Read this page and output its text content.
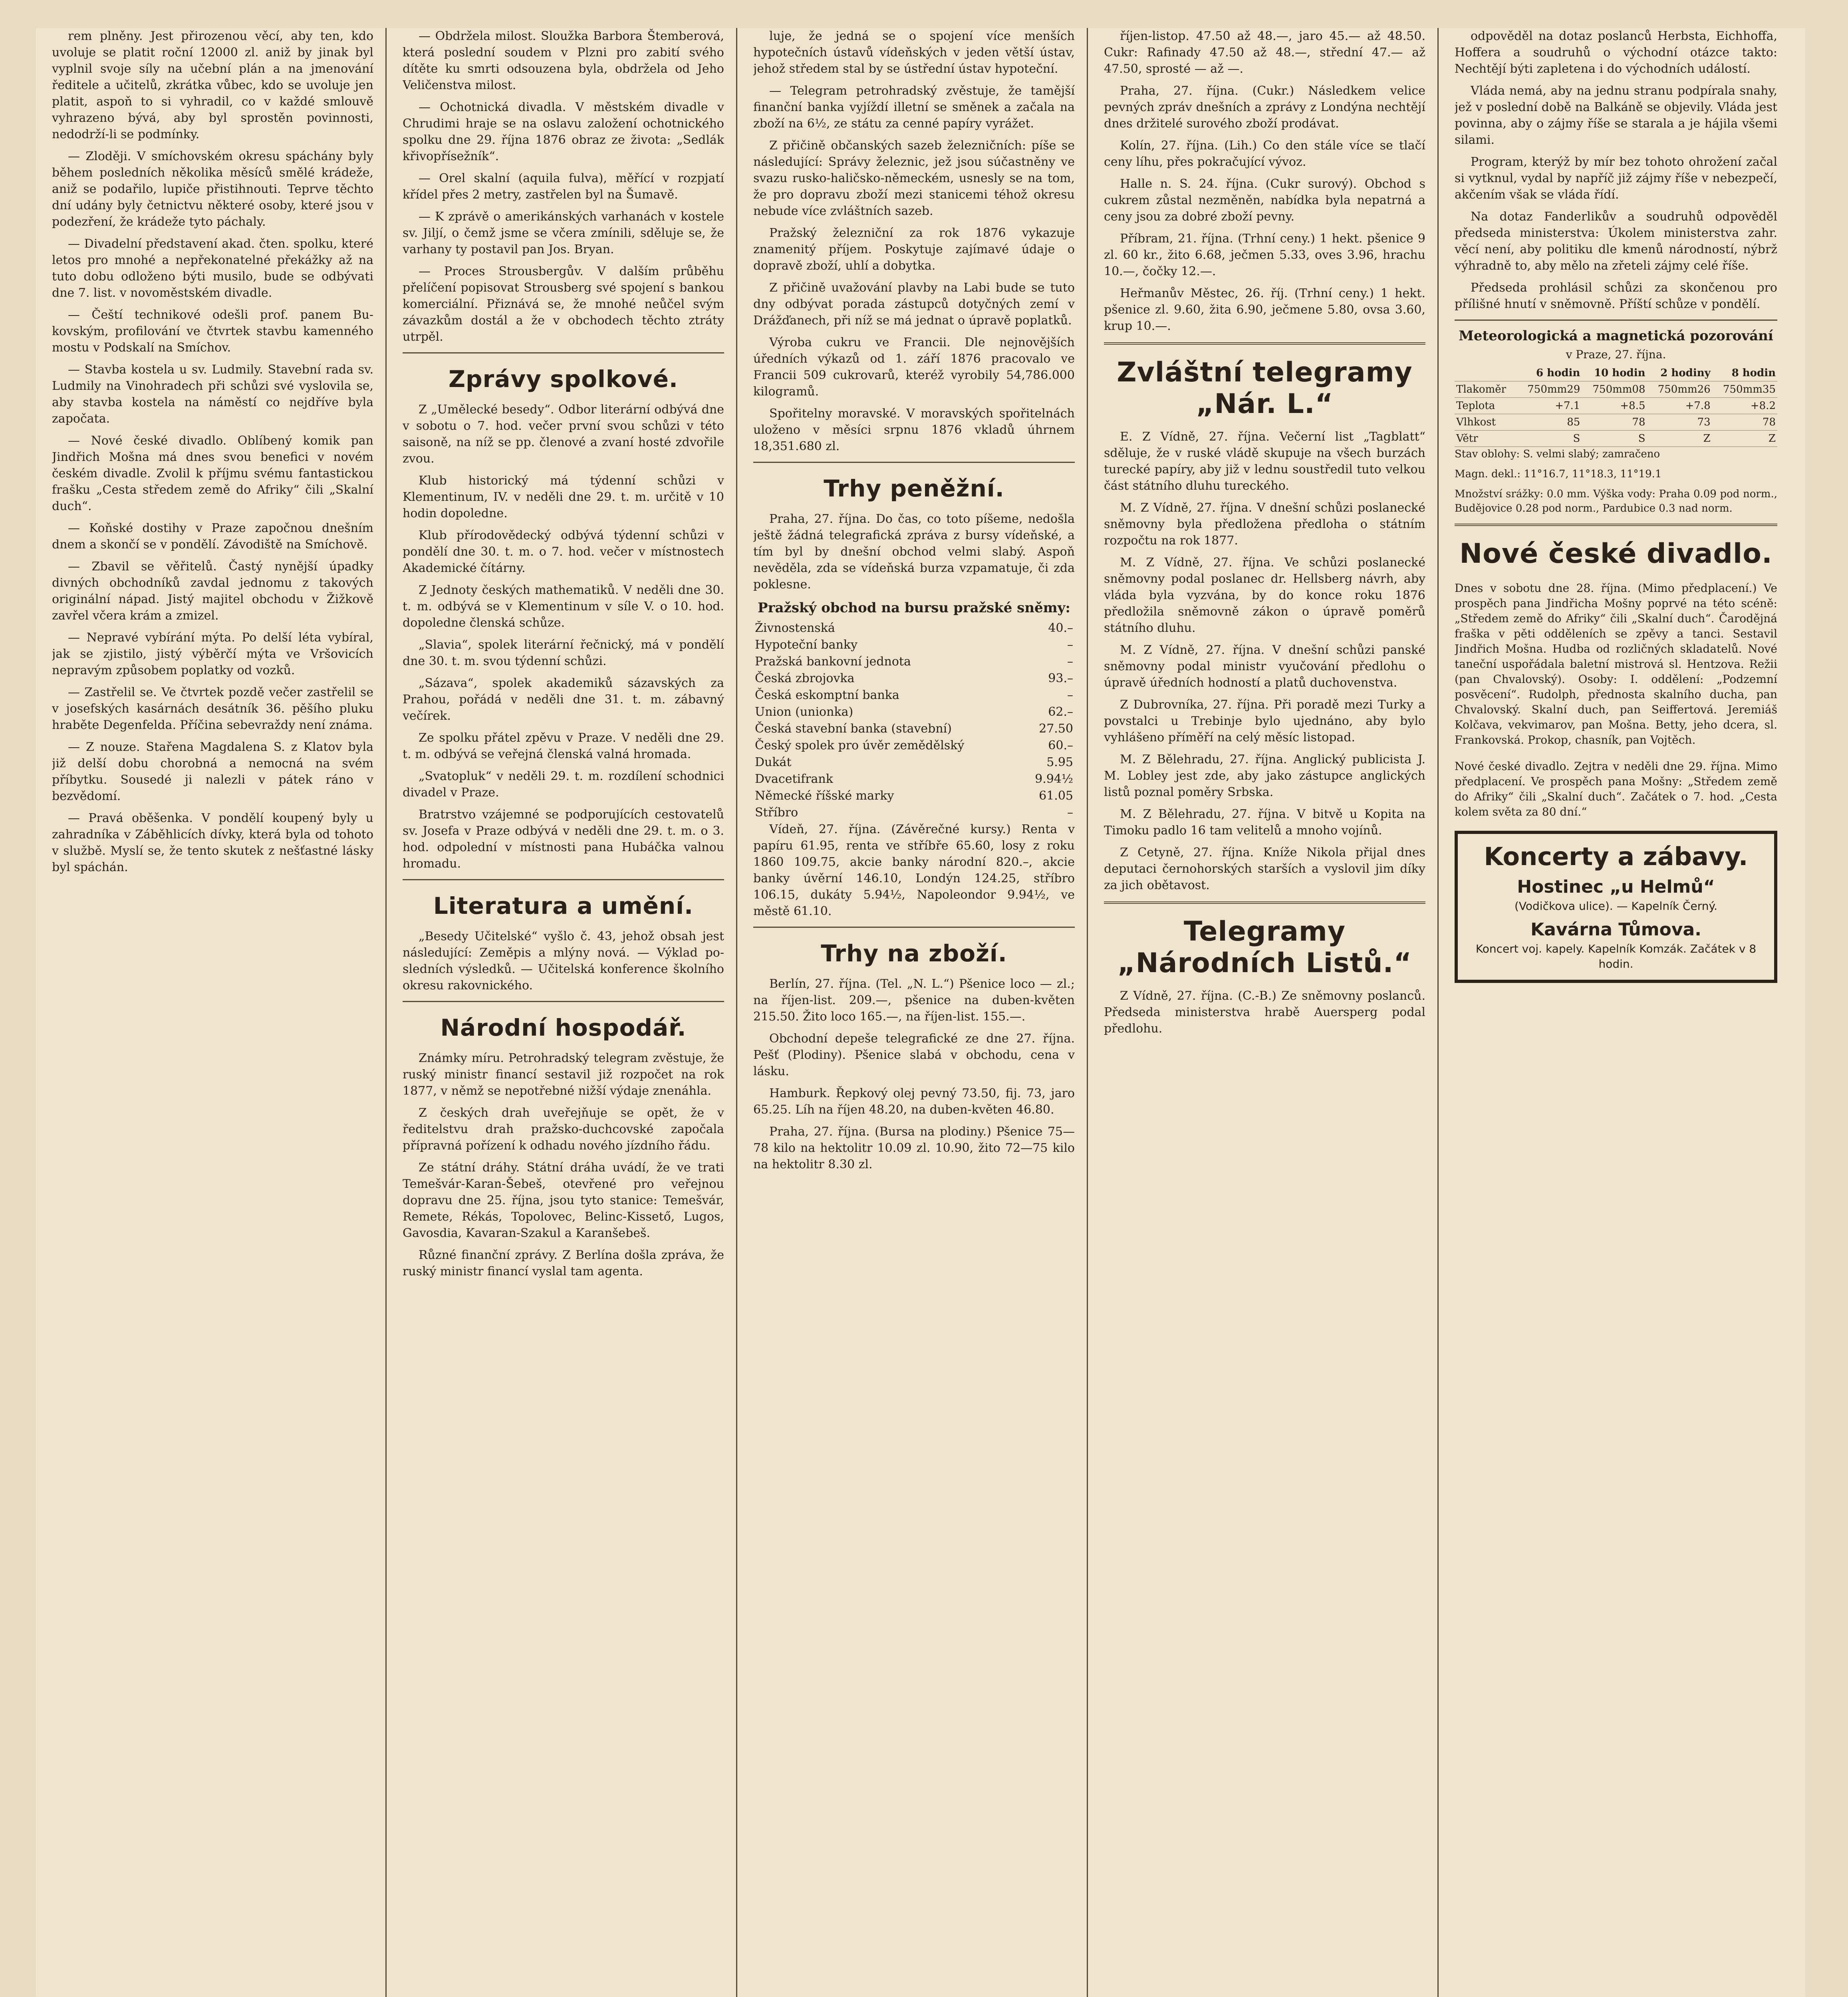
rem plněny. Jest přirozenou věcí, aby ten, kdo uvoluje se platit roční 12000 zl. aniž by jinak byl vyplnil svoje síly na učební plán a na jmenování ředitele a učitelů, zkrátka vůbec, kdo se uvoluje jen platit, aspoň to si vyhradil, co v každé smlouvě vyhrazeno bývá, aby byl sprostěn povinnosti, nedodrží-li se podmínky.

— Zloději. V smíchovském okresu spáchány byly během posledních několika měsíců smělé krádeže, aniž se podařilo, lupiče přistihnouti. Teprve těchto dní udány byly četnictvu některé osoby, které jsou v podezření, že krádeže tyto páchaly.

— Divadelní představení akad. čten. spolku, které letos pro mnohé a nepřekonatelné překážky až na tuto dobu odloženo býti musilo, bude se odbývati dne 7. list. v novoměstském divadle.

— Čeští technikové odešli prof. panem Bukovským, profilování ve čtvrtek stavbu kamenného mostu v Podskalí na Smíchov.

— Stavba kostela u sv. Ludmily. Stavební rada sv. Ludmily na Vinohradech při schůzi své vyslovila se, aby stavba kostela na náměstí co nejdříve byla započata.

— Nové české divadlo. Oblíbený komik pan Jindřich Mošna má dnes svou benefici v novém českém divadle. Zvolil k příjmu svému fantastickou frašku „Cesta středem země do Afriky“ čili „Skalní duch“.

— Koňské dostihy v Praze započnou dnešním dnem a skončí se v pondělí. Závodiště na Smíchově.

— Zbavil se věřitelů. Častý nynější úpadky divných obchodníků zavdal jednomu z takových originální nápad. Jistý majitel obchodu v Žižkově zavřel včera krám a zmizel.

— Nepravé vybírání mýta. Po delší léta vybíral, jak se zjistilo, jistý výběrčí mýta ve Vršovicích nepravým způsobem poplatky od vozků.

— Zastřelil se. Ve čtvrtek pozdě večer zastřelil se v josefských kasárnách desátník 36. pěšího pluku hraběte Degenfelda. Příčina sebevraždy není známa.

— Z nouze. Stařena Magdalena S. z Klatov byla již delší dobu chorobná a nemocná na svém příbytku. Sousedé ji nalezli v pátek ráno v bezvědomí.

— Pravá oběšenka. V pondělí koupený byly u zahradníka v Záběhlicích dívky, která byla od tohoto v službě. Myslí se, že tento skutek z nešťastné lásky byl spáchán.

— Obdržela milost. Sloužka Barbora Štemberová, která poslední soudem v Plzni pro zabití svého dítěte ku smrti odsouzena byla, obdržela od Jeho Veličenstva milost.

— Ochotnická divadla. V městském divadle v Chrudimi hraje se na oslavu založení ochotnického spolku dne 29. října 1876 obraz ze života: „Sedlák křivopřísežník“.

— Orel skalní (aquila fulva), měřící v rozpjatí křídel přes 2 metry, zastřelen byl na Šumavě.

— K zprávě o amerikánských varhanách v kostele sv. Jiljí, o čemž jsme se včera zmínili, sděluje se, že varhany ty postavil pan Jos. Bryan.

— Proces Strousbergův. V dalším průběhu přelíčení popisovat Strousberg své spojení s bankou komerciální. Přiznává se, že mnohé neůčel svým závazkům dostál a že v obchodech těchto ztráty utrpěl.

Zprávy spolkové.

Z „Umělecké besedy“. Odbor literární odbývá dne v sobotu o 7. hod. večer první svou schůzi v této saisoně, na níž se pp. členové a zvaní hosté zdvořile zvou.

Klub historický má týdenní schůzi v Klementinum, IV. v neděli dne 29. t. m. určitě v 10 hodin dopoledne.

Klub přírodovědecký odbývá týdenní schůzi v pondělí dne 30. t. m. o 7. hod. večer v místnostech Akademické čítárny.

Z Jednoty českých mathematiků. V neděli dne 30. t. m. odbývá se v Klementinum v síle V. o 10. hod. dopoledne členská schůze.

„Slavia“, spolek literární řečnický, má v pondělí dne 30. t. m. svou týdenní schůzi.

„Sázava“, spolek akademiků sázavských za Prahou, pořádá v neděli dne 31. t. m. zábavný večírek.

Ze spolku přátel zpěvu v Praze. V neděli dne 29. t. m. odbývá se veřejná členská valná hromada.

„Svatopluk“ v neděli 29. t. m. rozdílení schodnici divadel v Praze.

Bratrstvo vzájemné se podporujících cestovatelů sv. Josefa v Praze odbývá v neděli dne 29. t. m. o 3. hod. odpolední v místnosti pana Hubáčka valnou hromadu.

Literatura a umění.

„Besedy Učitelské“ vyšlo č. 43, jehož obsah jest následující: Zeměpis a mlýny nová. — Výklad posledních výsledků. — Učitelská konference školního okresu rakovnického.

Národní hospodář.

Známky míru. Petrohradský telegram zvěstuje, že ruský ministr financí sestavil již rozpočet na rok 1877, v němž se nepotřebné nižší výdaje znenáhla.

Z českých drah uveřejňuje se opět, že v ředitelstvu drah pražsko-duchcovské započala přípravná pořízení k odhadu nového jízdního řádu.

Ze státní dráhy. Státní dráha uvádí, že ve trati Temešvár-Karan-Šebeš, otevřené pro veřejnou dopravu dne 25. října, jsou tyto stanice: Temešvár, Remete, Rékás, Topolovec, Belinc-Kissető, Lugos, Gavosdia, Kavaran-Szakul a Karanšebeš.

Různé finanční zprávy. Z Berlína došla zpráva, že ruský ministr financí vyslal tam agenta.

luje, že jedná se o spojení více menších hypotečních ústavů vídeňských v jeden větší ústav, jehož středem stal by se ústřední ústav hypoteční.

— Telegram petrohradský zvěstuje, že tamější finanční banka vyjíždí illetní se směnek a začala na zboží na 6½, ze státu za cenné papíry vyrážet.

Z přičině občanských sazeb železničních: píše se následující: Správy železnic, jež jsou súčastněny ve svazu rusko-haličsko-německém, usnesly se na tom, že pro dopravu zboží mezi stanicemi téhož okresu nebude více zvláštních sazeb.

Pražský železniční za rok 1876 vykazuje znamenitý příjem. Poskytuje zajímavé údaje o dopravě zboží, uhlí a dobytka.

Z přičině uvažování plavby na Labi bude se tuto dny odbývat porada zástupců dotyčných zemí v Drážďanech, při níž se má jednat o úpravě poplatků.

Výroba cukru ve Francii. Dle nejnovějších úředních výkazů od 1. září 1876 pracovalo ve Francii 509 cukrovarů, kteréž vyrobily 54,786.000 kilogramů.

Spořitelny moravské. V moravských spořitelnách uloženo v měsíci srpnu 1876 vkladů úhrnem 18,351.680 zl.

Trhy peněžní.

Praha, 27. října. Do čas, co toto píšeme, nedošla ještě žádná telegrafická zpráva z bursy vídeňské, a tím byl by dnešní obchod velmi slabý. Aspoň nevěděla, zda se vídeňská burza vzpamatuje, či zda poklesne.

Pražský obchod na bursu pražské sněmy:
Živnostenská	40.–
Hypoteční banky	–
Pražská bankovní jednota	–
Česká zbrojovka	93.–
Česká eskomptní banka	–
Union (unionka)	62.–
Česká stavební banka (stavební)	27.50
Český spolek pro úvěr zemědělský	60.–
Dukát	5.95
Dvacetifrank	9.94½
Německé říšské marky	61.05
Stříbro	–

Vídeň, 27. října. (Závěrečné kursy.) Renta v papíru 61.95, renta ve stříbře 65.60, losy z roku 1860 109.75, akcie banky národní 820.–, akcie banky úvěrní 146.10, Londýn 124.25, stříbro 106.15, dukáty 5.94½, Napoleondor 9.94½, ve městě 61.10.

Trhy na zboží.

Berlín, 27. října. (Tel. „N. L.“) Pšenice loco — zl.; na říjen-list. 209.—, pšenice na duben-květen 215.50. Žito loco 165.—, na říjen-list. 155.—.

Obchodní depeše telegrafické ze dne 27. října. Pešť (Plodiny). Pšenice slabá v obchodu, cena v lásku.

Hamburk. Řepkový olej pevný 73.50, fij. 73, jaro 65.25. Líh na říjen 48.20, na duben-květen 46.80.

Praha, 27. října. (Bursa na plodiny.) Pšenice 75—78 kilo na hektolitr 10.09 zl. 10.90, žito 72—75 kilo na hektolitr 8.30 zl.

říjen-listop. 47.50 až 48.—, jaro 45.— až 48.50. Cukr: Rafinady 47.50 až 48.—, střední 47.— až 47.50, sprosté — až —.

Praha, 27. října. (Cukr.) Následkem velice pevných zpráv dnešních a zprávy z Londýna nechtějí dnes držitelé surového zboží prodávat.

Kolín, 27. října. (Lih.) Co den stále více se tlačí ceny líhu, přes pokračující vývoz.

Halle n. S. 24. října. (Cukr surový). Obchod s cukrem zůstal nezměněn, nabídka byla nepatrná a ceny jsou za dobré zboží pevny.

Příbram, 21. října. (Trhní ceny.) 1 hekt. pšenice 9 zl. 60 kr., žito 6.68, ječmen 5.33, oves 3.96, hrachu 10.—, čočky 12.—.

Heřmanův Městec, 26. říj. (Trhní ceny.) 1 hekt. pšenice zl. 9.60, žita 6.90, ječmene 5.80, ovsa 3.60, krup 10.—.

Zvláštní telegramy „Nár. L.“

E. Z Vídně, 27. října. Večerní list „Tagblatt“ sděluje, že v ruské vládě skupuje na všech burzách turecké papíry, aby již v lednu soustředil tuto velkou část státního dluhu tureckého.

M. Z Vídně, 27. října. V dnešní schůzi poslanecké sněmovny byla předložena předloha o státním rozpočtu na rok 1877.

M. Z Vídně, 27. října. Ve schůzi poslanecké sněmovny podal poslanec dr. Hellsberg návrh, aby vláda byla vyzvána, by do konce roku 1876 předložila sněmovně zákon o úpravě poměrů státního dluhu.

M. Z Vídně, 27. října. V dnešní schůzi panské sněmovny podal ministr vyučování předlohu o úpravě úředních hodností a platů duchovenstva.

Z Dubrovníka, 27. října. Při poradě mezi Turky a povstalci u Trebinje bylo ujednáno, aby bylo vyhlášeno příměří na celý měsíc listopad.

M. Z Bělehradu, 27. října. Anglický publicista J. M. Lobley jest zde, aby jako zástupce anglických listů poznal poměry Srbska.

M. Z Bělehradu, 27. října. V bitvě u Kopita na Timoku padlo 16 tam velitelů a mnoho vojínů.

Z Cetyně, 27. října. Kníže Nikola přijal dnes deputaci černohorských starších a vyslovil jim díky za jich obětavost.

Telegramy „Národních Listů.“

Z Vídně, 27. října. (C.-B.) Ze sněmovny poslanců. Předseda ministerstva hrabě Auersperg podal předlohu.

odpověděl na dotaz poslanců Herbsta, Eichhoffa, Hoffera a soudruhů o východní otázce takto: Nechtějí býti zapletena i do východních událostí.

Vláda nemá, aby na jednu stranu podpírala snahy, jež v poslední době na Balkáně se objevily. Vláda jest povinna, aby o zájmy říše se starala a je hájila všemi silami.

Program, kterýž by mír bez tohoto ohrožení začal si vytknul, vydal by napříč již zájmy říše v nebezpečí, akčením však se vláda řídí.

Na dotaz Fanderlikův a soudruhů odpověděl předseda ministerstva: Úkolem ministerstva zahr. věcí není, aby politiku dle kmenů národností, nýbrž výhradně to, aby mělo na zřeteli zájmy celé říše.

Předseda prohlásil schůzi za skončenou pro přílišné hnutí v sněmovně. Příští schůze v pondělí.

Meteorologická a magnetická pozorování
v Praze, 27. října.
	6 hodin	10 hodin	2 hodiny	8 hodin
Tlakoměr	750mm29	750mm08	750mm26	750mm35
Teplota	+7.1	+8.5	+7.8	+8.2
Vlhkost	85	78	73	78
Větr	S	S	Z	Z

Stav oblohy: S. velmi slabý; zamračeno

Magn. dekl.: 11°16.7, 11°18.3, 11°19.1

Množství srážky: 0.0 mm. Výška vody: Praha 0.09 pod norm., Budějovice 0.28 pod norm., Pardubice 0.3 nad norm.

Nové české divadlo.

Dnes v sobotu dne 28. října. (Mimo předplacení.) Ve prospěch pana Jindřicha Mošny poprvé na této scéně: „Středem země do Afriky“ čili „Skalní duch“. Čarodějná fraška v pěti odděleních se zpěvy a tanci. Sestavil Jindřich Mošna. Hudba od rozličných skladatelů. Nové taneční uspořádala baletní mistrová sl. Hentzova. Režii (pan Chvalovský). Osoby: I. oddělení: „Podzemní posvěcení“. Rudolph, přednosta skalního ducha, pan Chvalovský. Skalní duch, pan Seiffertová. Jeremiáš Kolčava, vekvimarov, pan Mošna. Betty, jeho dcera, sl. Frankovská. Prokop, chasník, pan Vojtěch.

Nové české divadlo. Zejtra v neděli dne 29. října. Mimo předplacení. Ve prospěch pana Mošny: „Středem země do Afriky“ čili „Skalní duch“. Začátek o 7. hod. „Cesta kolem světa za 80 dní.“

Koncerty a zábavy.
Hostinec „u Helmů“
(Vodičkova ulice). — Kapelník Černý.
Kavárna Tůmova.
Koncert voj. kapely. Kapelník Komzák. Začátek v 8 hodin.
